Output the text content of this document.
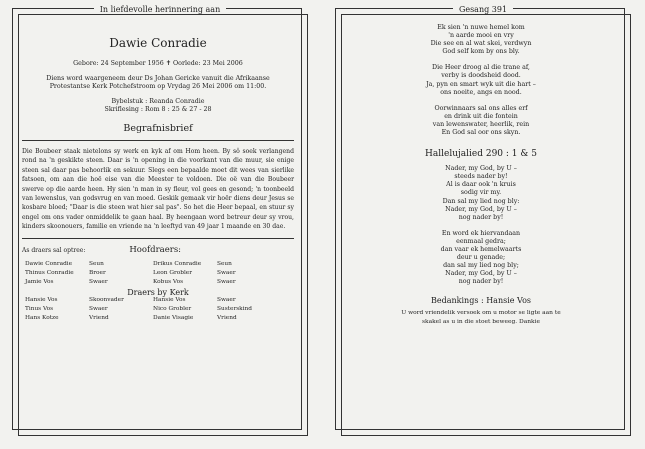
In liefdevolle herinnering aan
Dawie Conradie
Gebore: 24 September 1956 ✝ Oorlede: 23 Mei 2006
Diens word waargeneem deur Ds Johan Gericke vanuit die Afrikaanse
Protestantse Kerk Potchefstroom op Vrydag 26 Mei 2006 om 11:00.
Bybelstuk : Reanda Conradie
Skriflesing : Rom 8 : 25 & 27 - 28
Begrafnisbrief
Die Boubeer staak nietelons sy werk en kyk af om Hom heen. By sô soek verlangend rond na 'n geskikte steen. Daar is 'n opening in die voorkant van die muur, sie enige steen sal daar pas behoorlik en sekuur. Slegs een bepaalde moet dit wees van sierlike fatsoen, om aan die hoë eise van die Meester te voldoen. Die oë van die Boubeer swerve op die aarde heen. Hy sien 'n man in sy fleur, vol gees en gesond; 'n toonbeeld van lewenslus, van godsvrug en van moed. Geskik gemaak vir hoër diens deur Jesus se kosbare bloed; "Daar is die steen wat hier sal pas". So het die Heer bepaal, en stuur sy engel om ons vader onmiddelik te gaan haal. By heengaan word betreur deur sy vrou, kinders skoonouers, familie en vriende na 'n leeftyd van 49 jaar 1 maande en 30 dae.
As draers sal optree:	Hoofdraers:
Dawie Conradie	Seun	Drikus Conradie	Seun
Thinus Conradie	Broer	Leon Grobler	Swaer
Jamie Vos	Swaer	Kobus Vos	Swaer
Draers by Kerk
Hansie Vos	Skoonvader	Hansie Vos	Swaer
Tinus Vos	Swaer	Nico Grobler	Susterskind
Hans Kotze	Vriend	Danie Visagie	Vriend
Gesang 391
Ek sien 'n nuwe hemel kom
'n aarde mooi en vry
Die see en al wat skei, verdwyn
God self kom by ons bly.
Die Heer droog al die trane af,
verby is doodsheid dood.
Ja, pyn en smart wyk uit die hart –
ons noeite, angs en nood.
Oorwinnaars sal ons alles erf
en drink uit die fontein
van lewenswater, heerlik, rein
En God sal oor ons skyn.
Hallelujalied 290 : 1 & 5
Nader, my God, by U –
steeds nader by!
Al is daar ook 'n kruis
sodig vir my.
Dan sal my lied nog bly:
Nader, my God, by U –
nog nader by!
En word ek hiervandaan
eenmaal gedra;
dan vaar ek hemelwaarts
deur u genade;
dan sal my lied nog bly;
Nader, my God, by U –
nog nader by!
Bedankings : Hansie Vos
U word vriendelik versoek om u motor se ligte aan te
skakel as u in die stoet beweeg. Dankie
